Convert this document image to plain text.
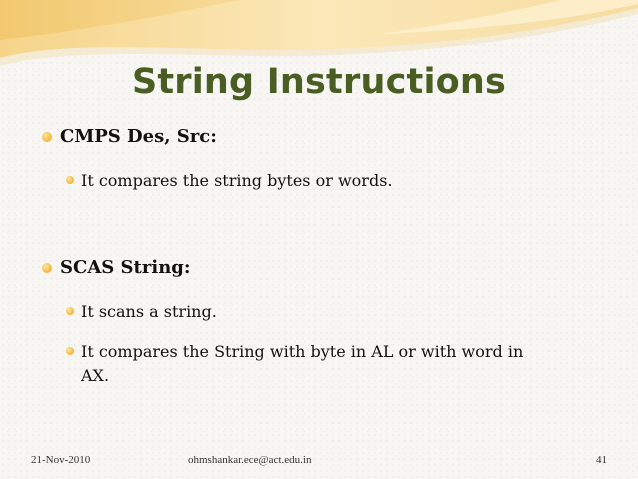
String Instructions
CMPS Des, Src:
It compares the string bytes or words.
SCAS String:
It scans a string.
It compares the String with byte in AL or with word in
AX.
21-Nov-2010	ohmshankar.ece@act.edu.in	41
